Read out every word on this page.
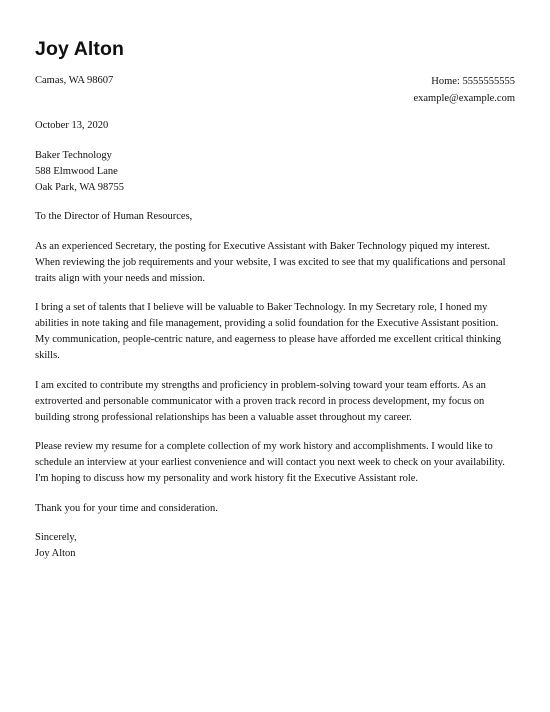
Joy Alton
Camas, WA 98607	Home: 5555555555
example@example.com

October 13, 2020

Baker Technology
588 Elmwood Lane
Oak Park, WA 98755

To the Director of Human Resources,

As an experienced Secretary, the posting for Executive Assistant with Baker Technology piqued my interest. When reviewing the job requirements and your website, I was excited to see that my qualifications and personal traits align with your needs and mission.

I bring a set of talents that I believe will be valuable to Baker Technology. In my Secretary role, I honed my abilities in note taking and file management, providing a solid foundation for the Executive Assistant position. My communication, people-centric nature, and eagerness to please have afforded me excellent critical thinking skills.

I am excited to contribute my strengths and proficiency in problem-solving toward your team efforts. As an extroverted and personable communicator with a proven track record in process development, my focus on building strong professional relationships has been a valuable asset throughout my career.

Please review my resume for a complete collection of my work history and accomplishments. I would like to schedule an interview at your earliest convenience and will contact you next week to check on your availability. I'm hoping to discuss how my personality and work history fit the Executive Assistant role.

Thank you for your time and consideration.

Sincerely,
Joy Alton
